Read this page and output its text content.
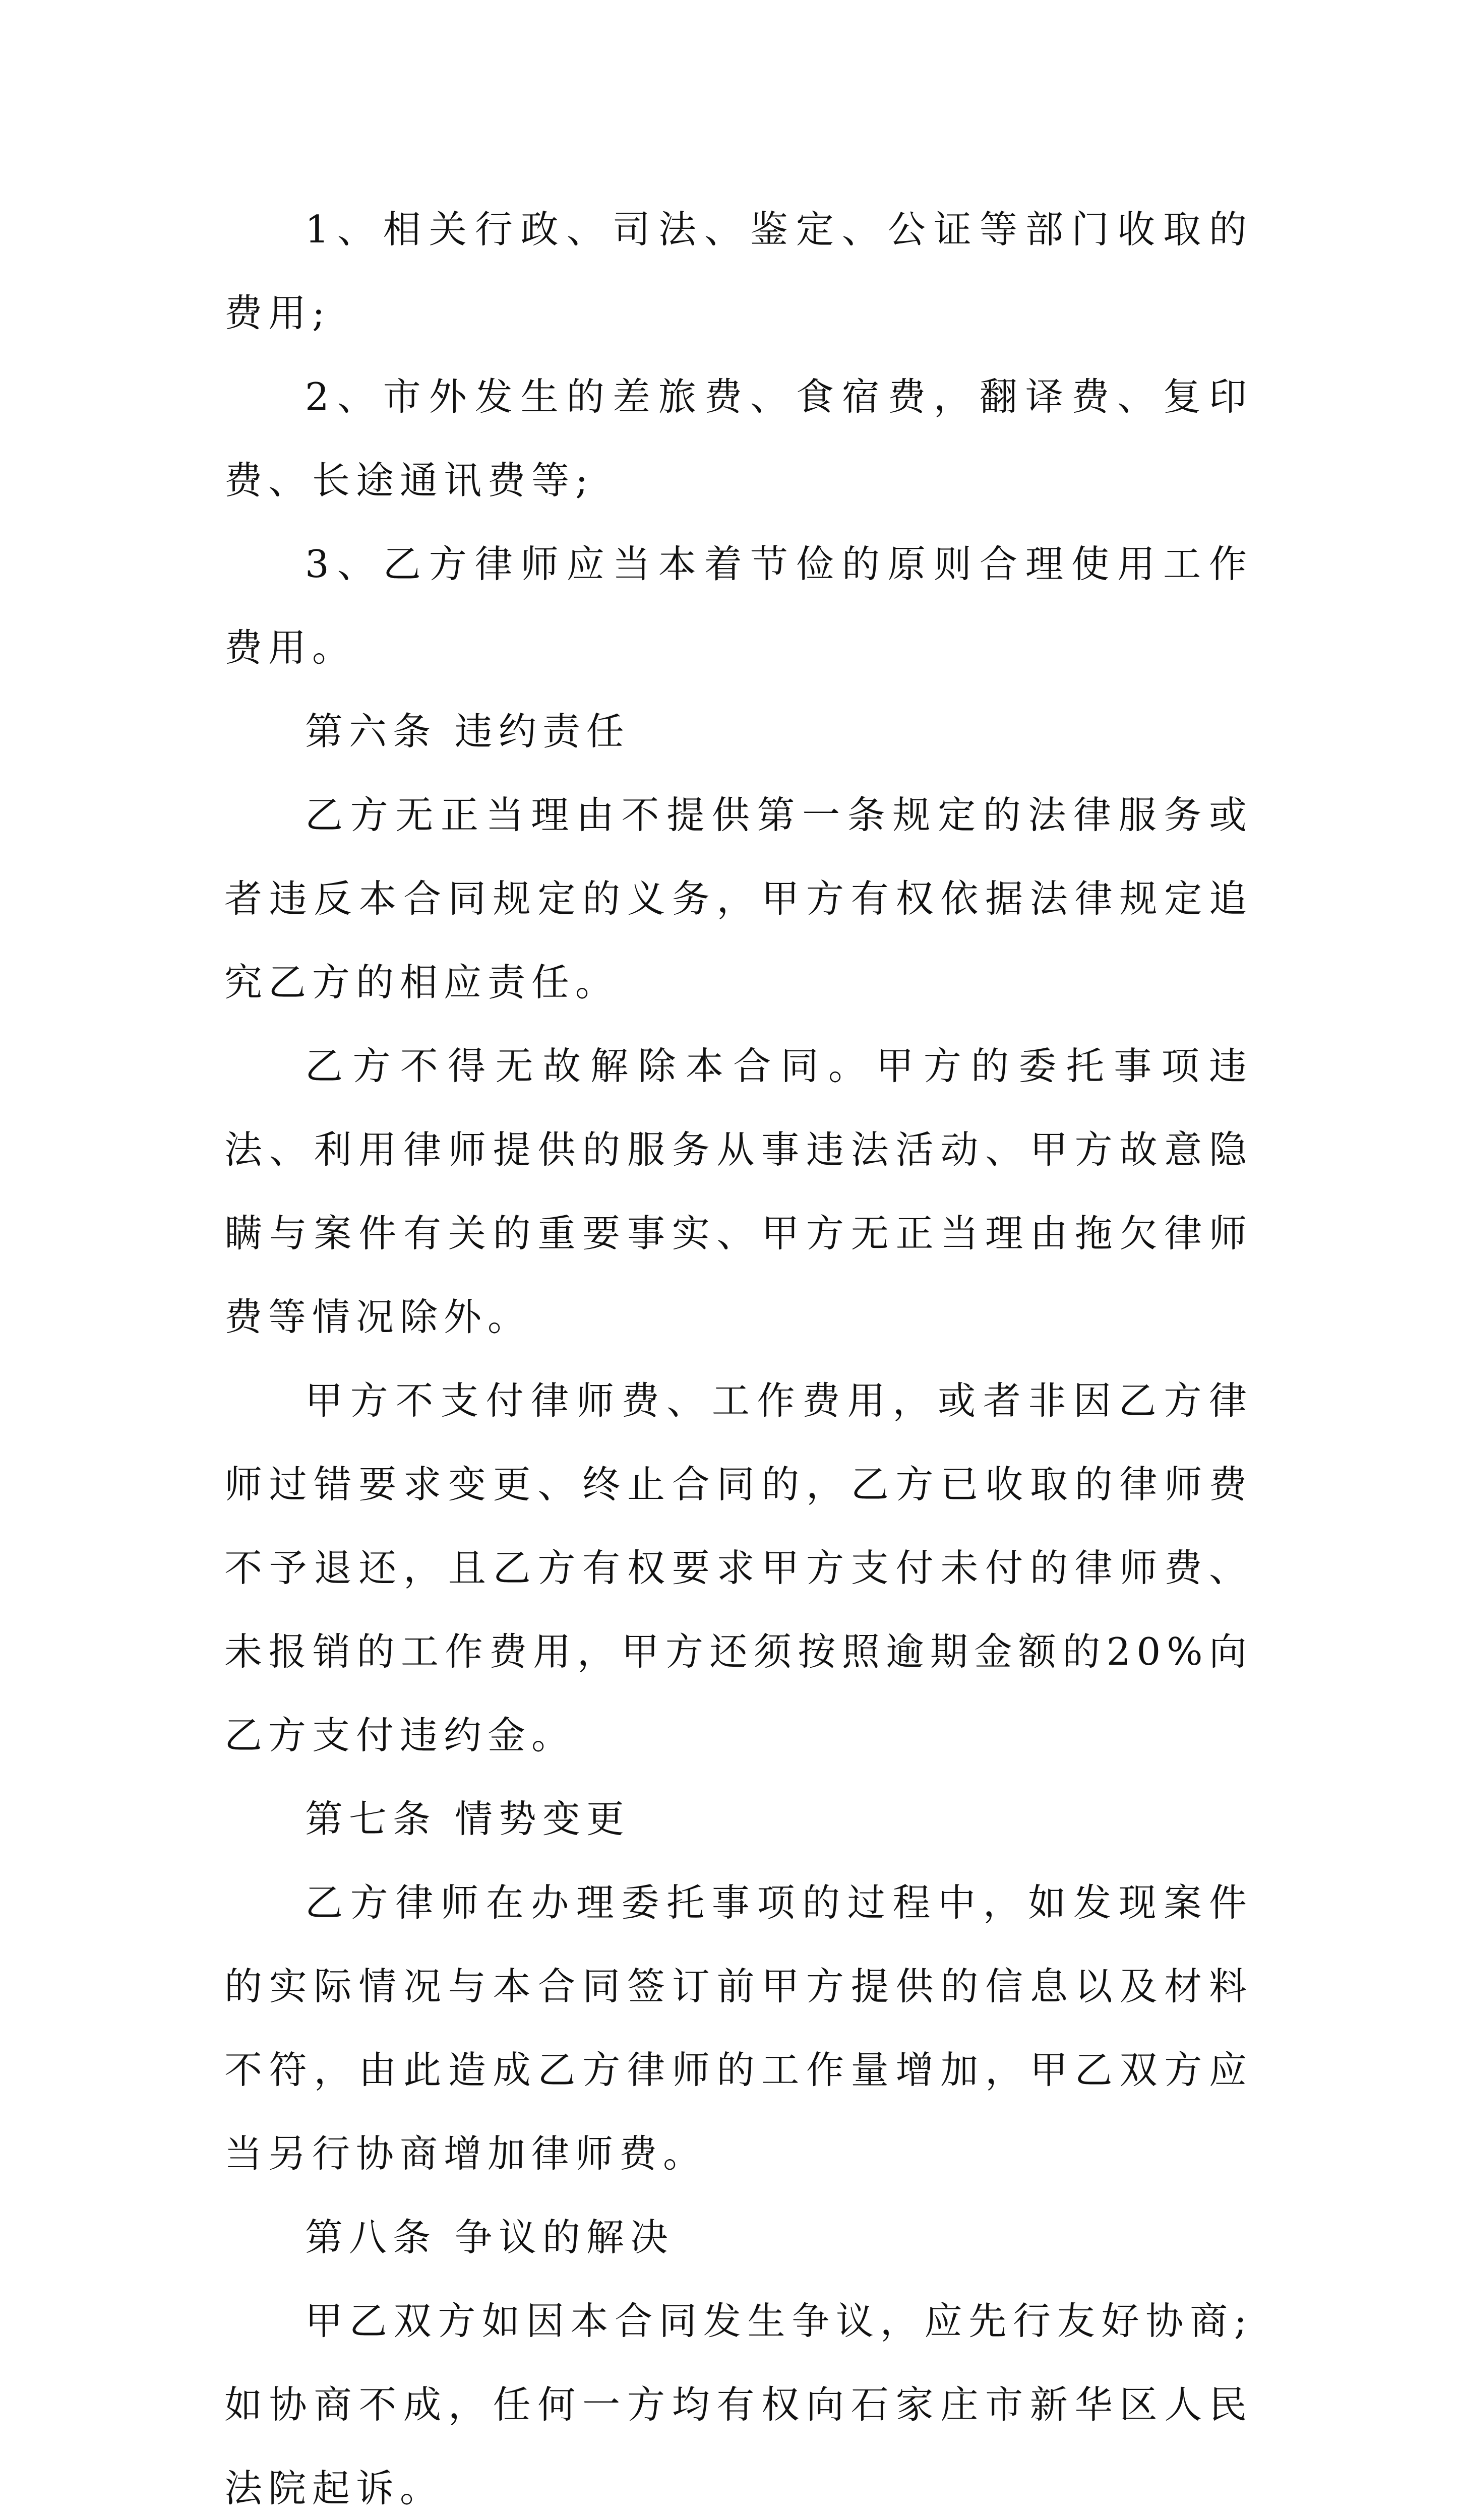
1、相关行政、司法、鉴定、公证等部门收取的费用;

2、市外发生的差旅费、食宿费，翻译费、复印费、长途通讯费等;

3、乙方律师应当本着节俭的原则合理使用工作费用。

第六条 违约责任

乙方无正当理由不提供第一条规定的法律服务或者违反本合同规定的义务，甲方有权依据法律规定追究乙方的相应责任。

乙方不得无故解除本合同。甲方的委托事项违法、利用律师提供的服务从事违法活动、甲方故意隐瞒与案件有关的重要事实、甲方无正当理由拖欠律师费等情况除外。

甲方不支付律师费、工作费用，或者非因乙方律师过错要求变更、终止合同的，乙方已收取的律师费不予退还，且乙方有权要求甲方支付未付的律师费、未报销的工作费用，甲方还须按照逾期金额的20%向乙方支付违约金。

第七条 情势变更

乙方律师在办理委托事项的过程中，如发现案件的实际情况与本合同签订前甲方提供的信息以及材料不符，由此造成乙方律师的工作量增加，甲乙双方应当另行协商增加律师费。

第八条 争议的解决

甲乙双方如因本合同发生争议，应先行友好协商;如协商不成，任何一方均有权向石家庄市新华区人民法院起诉。
